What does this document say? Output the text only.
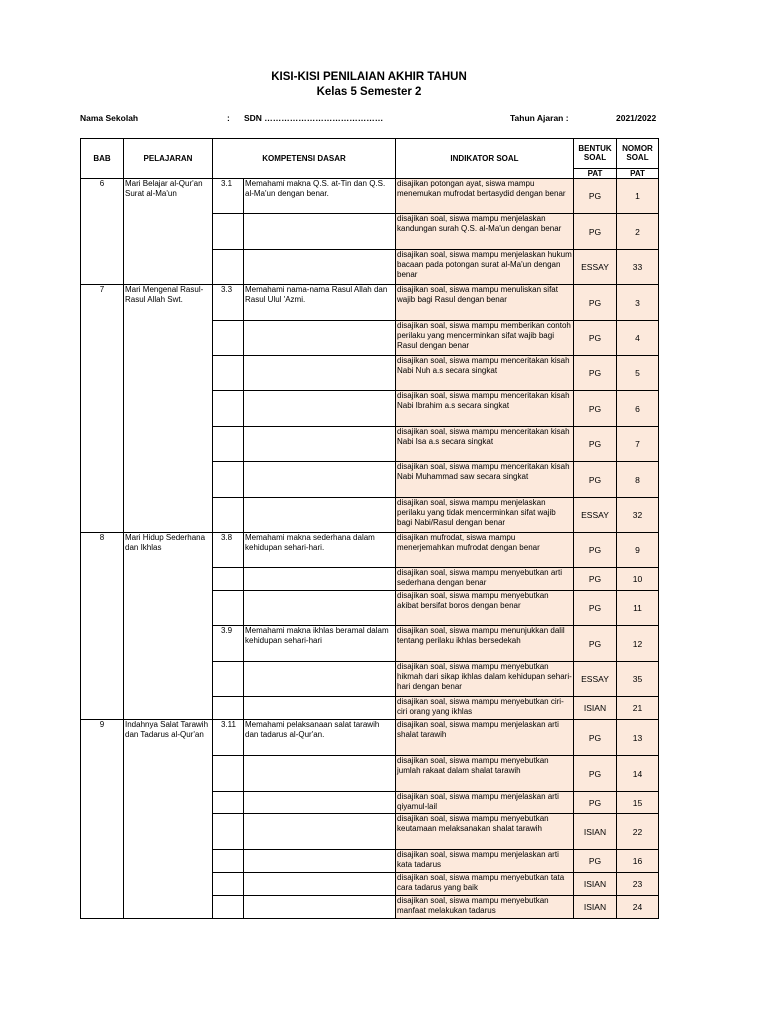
KISI-KISI PENILAIAN AKHIR TAHUN
Kelas 5 Semester 2
Nama Sekolah	: SDN ……………………………………	Tahun Ajaran :	2021/2022
BAB	PELAJARAN	KOMPETENSI DASAR		INDIKATOR SOAL	BENTUK SOAL	NOMOR SOAL
					PAT	PAT
6	Mari Belajar al-Qur'an Surat al-Ma'un	3.1	Memahami makna Q.S. at-Tin dan Q.S. al-Ma'un dengan benar.	disajikan potongan ayat, siswa mampu menemukan mufrodat bertasydid dengan benar	PG	1
				disajikan soal, siswa mampu menjelaskan kandungan surah Q.S. al-Ma'un dengan benar	PG	2
				disajikan soal, siswa mampu menjelaskan hukum bacaan pada potongan surat al-Ma'un dengan benar	ESSAY	33
7	Mari Mengenal Rasul-Rasul Allah Swt.	3.3	Memahami nama-nama Rasul Allah dan Rasul Ulul 'Azmi.	disajikan soal, siswa mampu menuliskan sifat wajib bagi Rasul dengan benar	PG	3
				disajikan soal, siswa mampu memberikan contoh perilaku yang mencerminkan sifat wajib bagi Rasul dengan benar	PG	4
				disajikan soal, siswa mampu menceritakan kisah Nabi Nuh a.s secara singkat	PG	5
				disajikan soal, siswa mampu menceritakan kisah Nabi Ibrahim a.s secara singkat	PG	6
				disajikan soal, siswa mampu menceritakan kisah Nabi Isa a.s secara singkat	PG	7
				disajikan soal, siswa mampu menceritakan kisah Nabi Muhammad saw secara singkat	PG	8
				disajikan soal, siswa mampu menjelaskan perilaku yang tidak mencerminkan sifat wajib bagi Nabi/Rasul dengan benar	ESSAY	32
8	Mari Hidup Sederhana dan Ikhlas	3.8	Memahami makna sederhana dalam kehidupan sehari-hari.	disajikan mufrodat, siswa mampu menerjemahkan mufrodat dengan benar	PG	9
				disajikan soal, siswa mampu menyebutkan arti sederhana dengan benar	PG	10
				disajikan soal, siswa mampu menyebutkan akibat bersifat boros dengan benar	PG	11
		3.9	Memahami makna ikhlas beramal dalam kehidupan sehari-hari	disajikan soal, siswa mampu menunjukkan dalil tentang perilaku ikhlas bersedekah	PG	12
				disajikan soal, siswa mampu menyebutkan hikmah dari sikap ikhlas dalam kehidupan sehari-hari dengan benar	ESSAY	35
				disajikan soal, siswa mampu menyebutkan ciri-ciri orang yang ikhlas	ISIAN	21
9	Indahnya Salat Tarawih dan Tadarus al-Qur'an	3.11	Memahami pelaksanaan salat tarawih dan tadarus al-Qur'an.	disajikan soal, siswa mampu menjelaskan arti shalat tarawih	PG	13
				disajikan soal, siswa mampu menyebutkan jumlah rakaat dalam shalat tarawih	PG	14
				disajikan soal, siswa mampu menjelaskan arti qiyamul-lail	PG	15
				disajikan soal, siswa mampu menyebutkan keutamaan melaksanakan shalat tarawih	ISIAN	22
				disajikan soal, siswa mampu menjelaskan arti kata tadarus	PG	16
				disajikan soal, siswa mampu menyebutkan tata cara tadarus yang baik	ISIAN	23
				disajikan soal, siswa mampu menyebutkan manfaat melakukan tadarus	ISIAN	24
